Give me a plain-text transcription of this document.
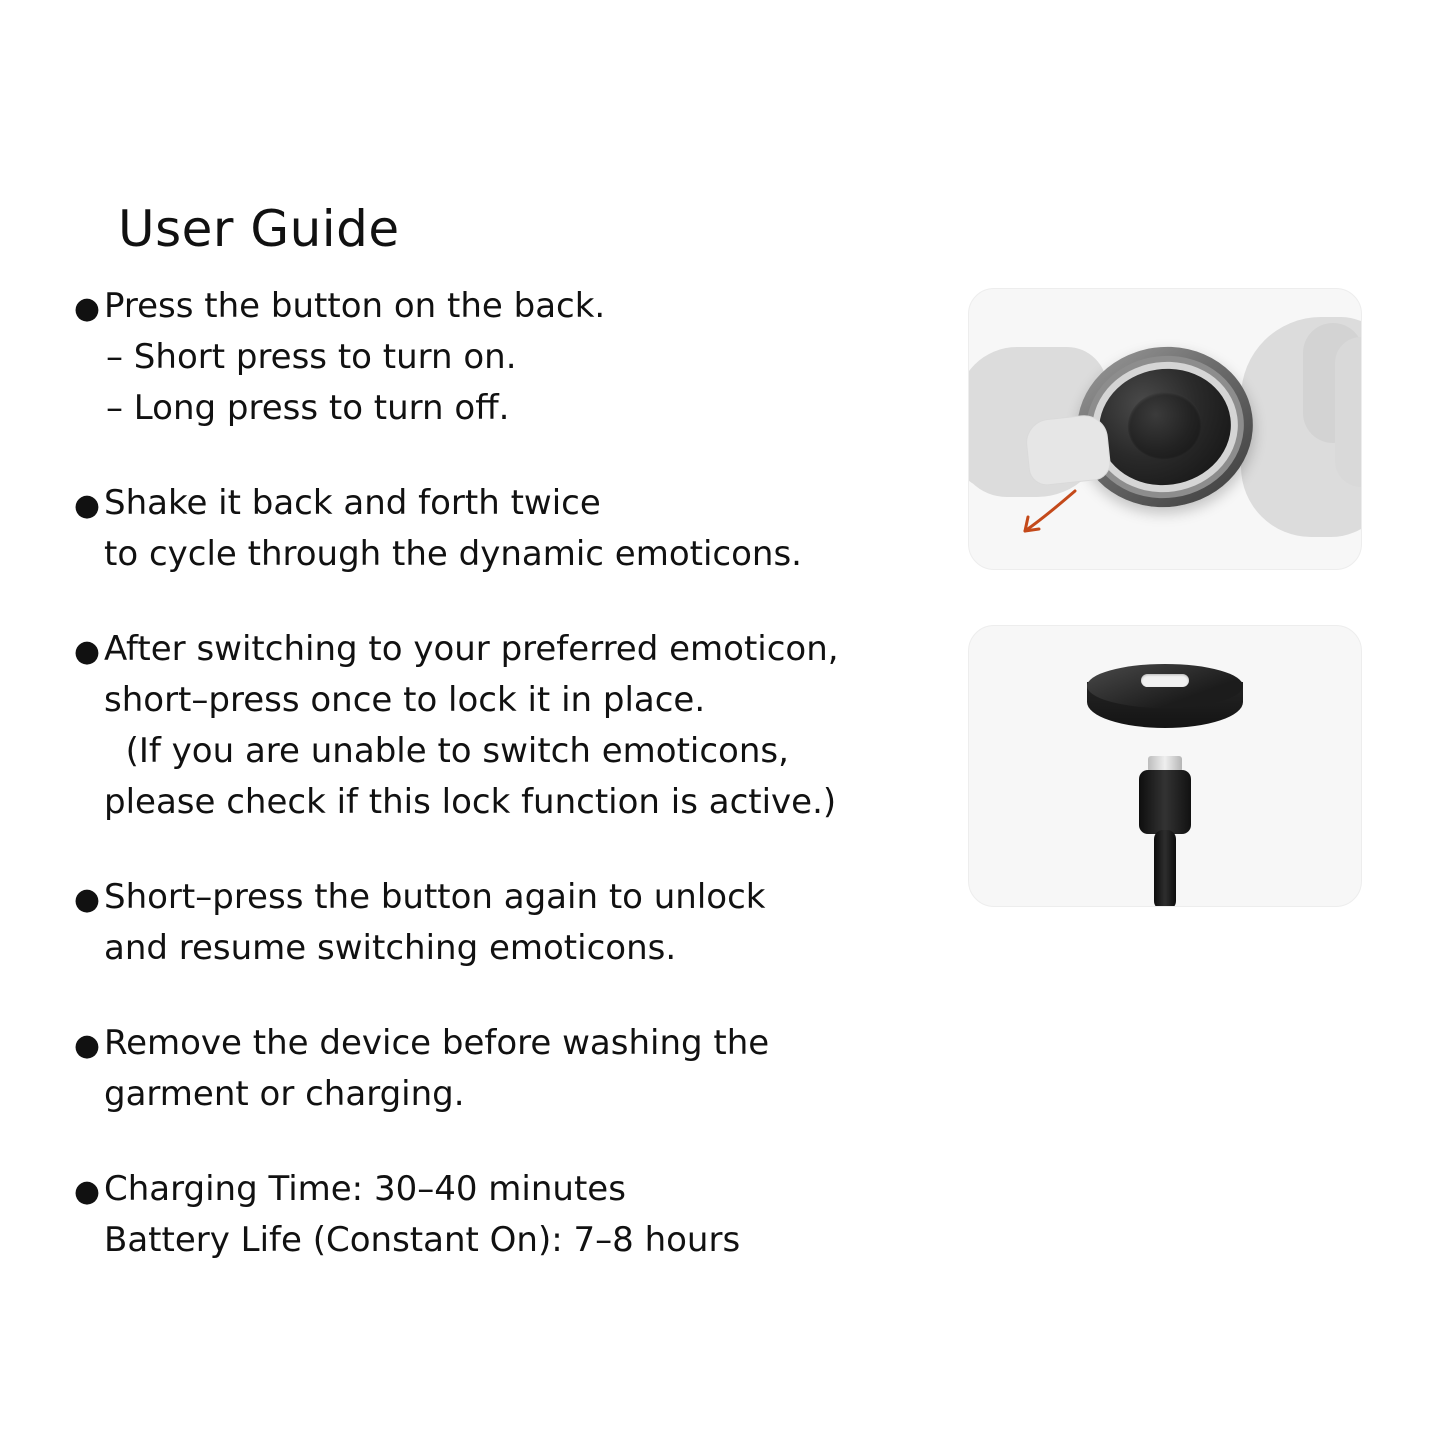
User Guide
● Press the button on the back.
– Short press to turn on.
– Long press to turn off.
● Shake it back and forth twice
to cycle through the dynamic emoticons.
● After switching to your preferred emoticon,
short–press once to lock it in place.
(If you are unable to switch emoticons,
please check if this lock function is active.)
● Short–press the button again to unlock
and resume switching emoticons.
● Remove the device before washing the
garment or charging.
● Charging Time: 30–40 minutes
Battery Life (Constant On): 7–8 hours
